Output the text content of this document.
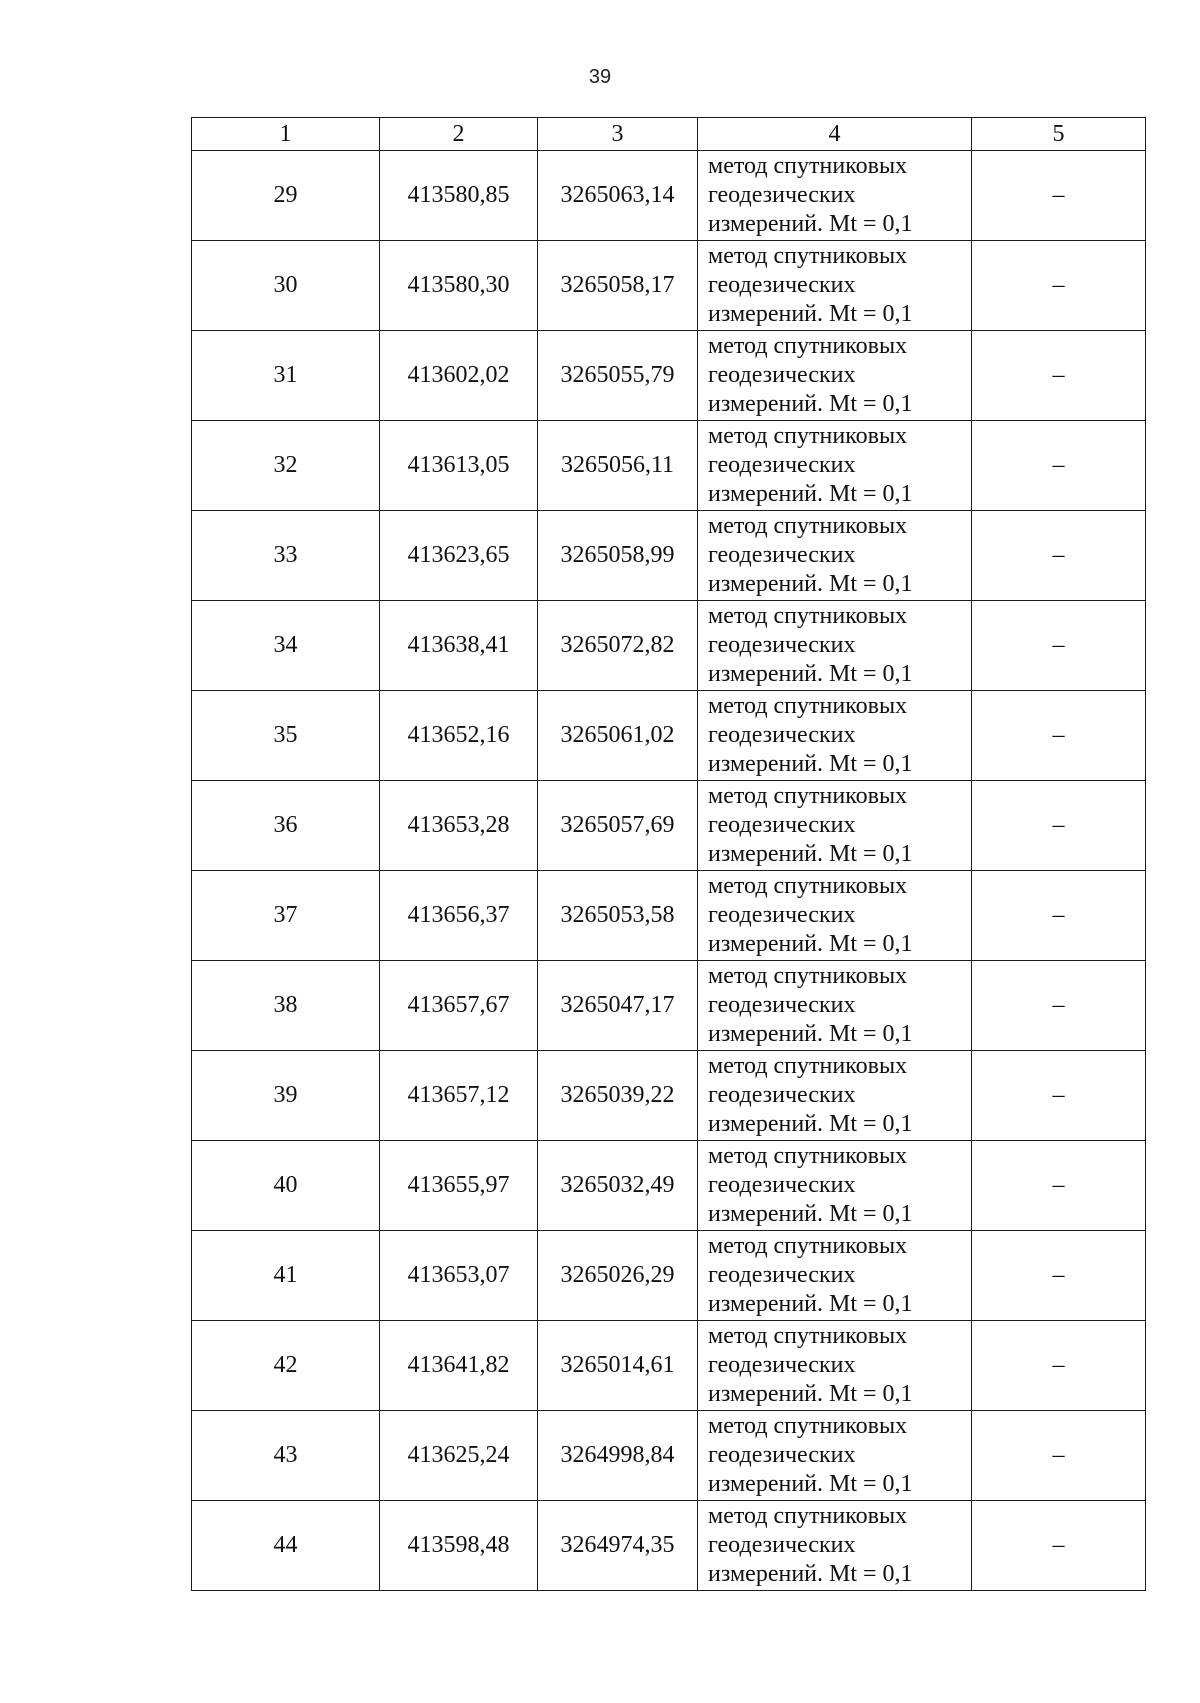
39
1	2	3	4	5
29	413580,85	3265063,14	метод спутниковых
геодезических
измерений. Mt = 0,1	–
30	413580,30	3265058,17	метод спутниковых
геодезических
измерений. Mt = 0,1	–
31	413602,02	3265055,79	метод спутниковых
геодезических
измерений. Mt = 0,1	–
32	413613,05	3265056,11	метод спутниковых
геодезических
измерений. Mt = 0,1	–
33	413623,65	3265058,99	метод спутниковых
геодезических
измерений. Mt = 0,1	–
34	413638,41	3265072,82	метод спутниковых
геодезических
измерений. Mt = 0,1	–
35	413652,16	3265061,02	метод спутниковых
геодезических
измерений. Mt = 0,1	–
36	413653,28	3265057,69	метод спутниковых
геодезических
измерений. Mt = 0,1	–
37	413656,37	3265053,58	метод спутниковых
геодезических
измерений. Mt = 0,1	–
38	413657,67	3265047,17	метод спутниковых
геодезических
измерений. Mt = 0,1	–
39	413657,12	3265039,22	метод спутниковых
геодезических
измерений. Mt = 0,1	–
40	413655,97	3265032,49	метод спутниковых
геодезических
измерений. Mt = 0,1	–
41	413653,07	3265026,29	метод спутниковых
геодезических
измерений. Mt = 0,1	–
42	413641,82	3265014,61	метод спутниковых
геодезических
измерений. Mt = 0,1	–
43	413625,24	3264998,84	метод спутниковых
геодезических
измерений. Mt = 0,1	–
44	413598,48	3264974,35	метод спутниковых
геодезических
измерений. Mt = 0,1	–
